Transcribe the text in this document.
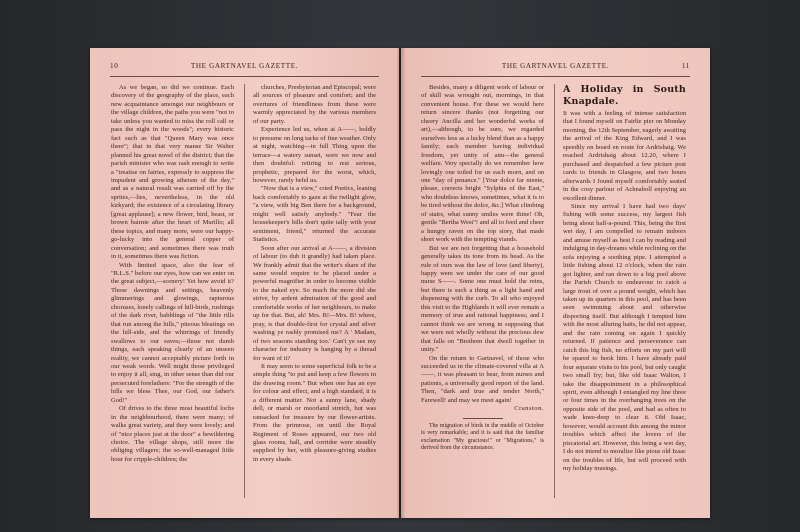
10	THE GARTNAVEL GAZETTE.

As we began, so did we continue. Each discovery of the geography of the place, each new acquaintance amongst our neighbours or the village children, the paths you were "not to take unless you wanted to miss the roll call or pass the night in the woods"; every historic fact such as that "Queen Mary was once there"; that in that very manse Sir Walter planned his great novel of the district; that the parish minister who was rash enough to write a "treatise on fairies, expressly to suppress the impudent and growing atheism of the day," and as a natural result was carried off by the sprites,—lies, nevertheless, in the old kirkyard; the existence of a circulating library [great applause]; a new flower, bird, beast, or brown bairnie after the heart of Murillo; all these topics, and many more, were our happy-go-lucky into the general copper of conversation; and sometimes there was truth in it, sometimes there was fiction.

With limited space, also the fear of "R.L.S." before our eyes, how can we enter on the great subject,—scenery! Yet how avoid it? Those dawnings and settings, heavenly glimmerings and glowings, rapturous choruses, lonely callings of hill-birds, rushings of the dark river, babblings of "the little rills that run among the hills," piteous bleatings on the hill-side, and the whirrings of friendly swallows to our eaves;—those not dumb things, each speaking clearly of an unseen reality, we cannot acceptably picture forth in our weak words. Well might those privileged to enjoy it all, sing, in other sense than did our persecuted forefathers: "For the strength of the hills we bless Thee, our God, our father's God!"

Of drives to the three most beautiful lochs in the neighbourhood, there were many; of walks great variety, and they were lovely; and of "nice places just at the door" a bewildering choice. The village shops, still more the obliging villagers; the so-well-managed little hour for cripple-children; the

churches, Presbyterian and Episcopal; were all sources of pleasure and comfort; and the overtures of friendliness from these were warmly appreciated by the various members of our party.

Experience led us, when at A——, boldly to presume on long tacks of fine weather. Only at night, watching—in full Thing upon the terrace—a watery sunset, were we now and then doubtful: retiring to rest serious, prophetic, prepared for the worst, which, however, rarely befel us.

"Now that is a view," cried Poetics, leaning back comfortably to gaze at the twilight glow, "a view, with big Ben there for a background, might well satisfy anybody." "Fear the housekeeper's bills don't quite tally with your sentiment, friend," returned the accurate Statistics.

Soon after our arrival at A——, a division of labour (to dub it grandly) had taken place. We frankly admit that the writer's share of the same would require to be placed under a powerful magnifier in order to become visible to the naked eye. So much the more did she strive, by ardent admiration of the good and comfortable works of her neighbours, to make up for that. But, ah! Mrs. B!—Mrs. B! where, pray, is that double-first for crystal and silver washing ye rashly promised me? A ' Madam, of two seasons standing too.' Can't ye see my character for industry is hanging by a thread for want of it?

It may seem to some superficial folk to be a simple thing "to put and keep a few flowers in the drawing room." But when one has an eye for colour and effect, and a high standard, it is a different matter. Not a sunny lane, shady dell, or marsh or moorland stretch, but was ransacked for treasure by our flower-artists. From the primrose, on until the Royal Regiment of Roses appeared, our two old glass rooms, hall, and corridor were steadily supplied by her, with pleasure-giving studies in every shade.

THE GARTNAVEL GAZETTE.	11

Besides, many a diligent work of labour or of skill was wrought out, mornings, in that convenient house. For these we would here return sincere thanks (not forgetting our cheery Ancilla and her wonderful works of art),—although, to be sure, we regarded ourselves less as a lucky blend than as a happy family; each member having individual freedom, yet unity of aim—the general welfare. Very specially do we remember how lovingly one toiled for us each morn, and on one "day of penance." [Your dolce far niente, please, corrects bright "Sylphia of the East," who doubtless knows, sometimes, what it is to be tired without the dolce, &c.] What climbing of stairs, what sunny smiles were thine! Oh, gentle "Bertha West"! and all to feed and cheer a hungry raven on the top story, that made short work with the tempting viands.

But we are not forgetting that a household generally takes its tone from its head. As the rule of ours was the law of love (and liberty), happy were we under the care of our good nurse S——. Some one must hold the reins, but there is such a thing as a light hand and dispensing with the curb. To all who enjoyed this visit to the Highlands it will ever remain a memory of true and rational happiness; and I cannot think we are wrong in supposing that we were not wholly without the precious dew that falls on "Brethren that dwell together in unity."

On the return to Gartnavel, of those who succeeded us in the climate-covered villa at A——, it was pleasant to hear, from nurses and patients, a universally good report of the land. Then, "dark and true and tender North," Farewell! and may we meet again!

Cranston.

The migration of birds in the middle of October is very remarkable; and it is said that the familiar exclamation "My gracious!" or "Migrations," is derived from the circumstance.

A Holiday in South Knapdale.

It was with a feeling of intense satisfaction that I found myself on Fairlie pier on Monday morning, the 12th September, eagerly awaiting the arrival of the King Edward, and I was speedily on board en route for Ardrishaig. We reached Ardrishaig about 12.20, where I purchased and despatched a few picture post cards to friends in Glasgow, and two hours afterwards I found myself comfortably seated in the cosy parlour of Achnaboll enjoying an excellent dinner.

Since my arrival I have had two days' fishing with some success, my largest fish being about half-a-pound. This, being the first wet day, I am compelled to remain indoors and amuse myself as best I can by reading and indulging in day-dreams while reclining on the sofa enjoying a soothing pipe. I attempted a little fishing about 12 o'clock, when the rain got lighter, and ran down to a big pool above the Parish Church to endeavour to catch a large trout of over a pound weight, which has taken up its quarters in this pool, and has been seen swimming about and otherwise disporting itself. But although I tempted him with the most alluring baits, he did not appear, and the rain coming on again I quickly returned. If patience and perseverance can catch this big fish, no efforts on my part will be spared to hook him. I have already paid four separate visits to his pool, but only caught two small fry; but, like old Isaac Walton, I take the disappointment in a philosophical spirit, even although I entangled my line three or four times in the overhanging trees on the opposite side of the pool, and had as often to wade knee-deep to clear it. Old Isaac, however, would account this among the minor troubles which affect the lovers of the piscatorial art. However, this being a wet day, I do not intend to moralize like pious old Izaac on the troubles of life, but will proceed with my holiday musings.
